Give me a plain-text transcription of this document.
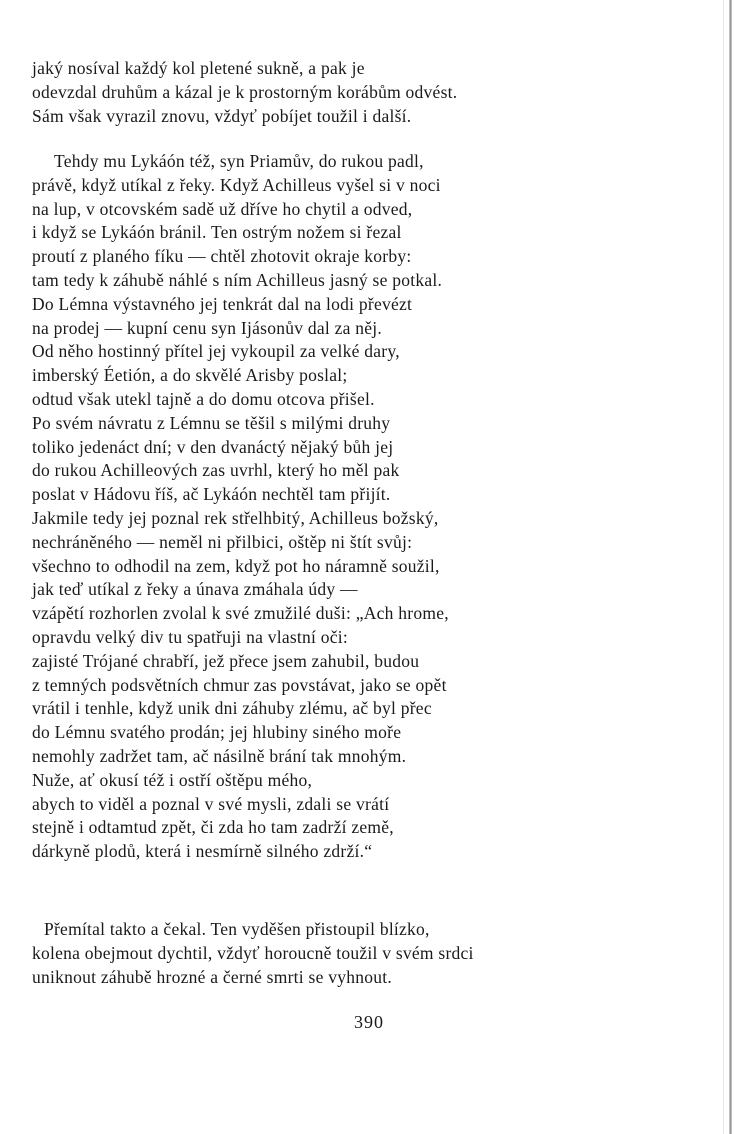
jaký nosíval každý kol pletené sukně, a pak je
odevzdal druhům a kázal je k prostorným korábům odvést.
Sám však vyrazil znovu, vždyť pobíjet toužil i další.
Tehdy mu Lykáón též, syn Priamův, do rukou padl,
právě, když utíkal z řeky. Když Achilleus vyšel si v noci
na lup, v otcovském sadě už dříve ho chytil a odved,
i když se Lykáón bránil. Ten ostrým nožem si řezal
proutí z planého fíku — chtěl zhotovit okraje korby:
tam tedy k záhubě náhlé s ním Achilleus jasný se potkal.
Do Lémna výstavného jej tenkrát dal na lodi převézt
na prodej — kupní cenu syn Ijásonův dal za něj.
Od něho hostinný přítel jej vykoupil za velké dary,
imberský Éetión, a do skvělé Arisby poslal;
odtud však utekl tajně a do domu otcova přišel.
Po svém návratu z Lémnu se těšil s milými druhy
toliko jedenáct dní; v den dvanáctý nějaký bůh jej
do rukou Achilleových zas uvrhl, který ho měl pak
poslat v Hádovu říš, ač Lykáón nechtěl tam přijít.
Jakmile tedy jej poznal rek střelhbitý, Achilleus božský,
nechráněného — neměl ni přilbici, oštěp ni štít svůj:
všechno to odhodil na zem, když pot ho náramně soužil,
jak teď utíkal z řeky a únava zmáhala údy —
vzápětí rozhorlen zvolal k své zmužilé duši: „Ach hrome,
opravdu velký div tu spatřuji na vlastní oči:
zajisté Trójané chrabří, jež přece jsem zahubil, budou
z temných podsvětních chmur zas povstávat, jako se opět
vrátil i tenhle, když unik dni záhuby zlému, ač byl přec
do Lémnu svatého prodán; jej hlubiny siného moře
nemohly zadržet tam, ač násilně brání tak mnohým.
Nuže, ať okusí též i ostří oštěpu mého,
abych to viděl a poznal v své mysli, zdali se vrátí
stejně i odtamtud zpět, či zda ho tam zadrží země,
dárkyně plodů, která i nesmírně silného zdrží.“
Přemítal takto a čekal. Ten vyděšen přistoupil blízko,
kolena obejmout dychtil, vždyť horoucně toužil v svém srdci
uniknout záhubě hrozné a černé smrti se vyhnout.
390
